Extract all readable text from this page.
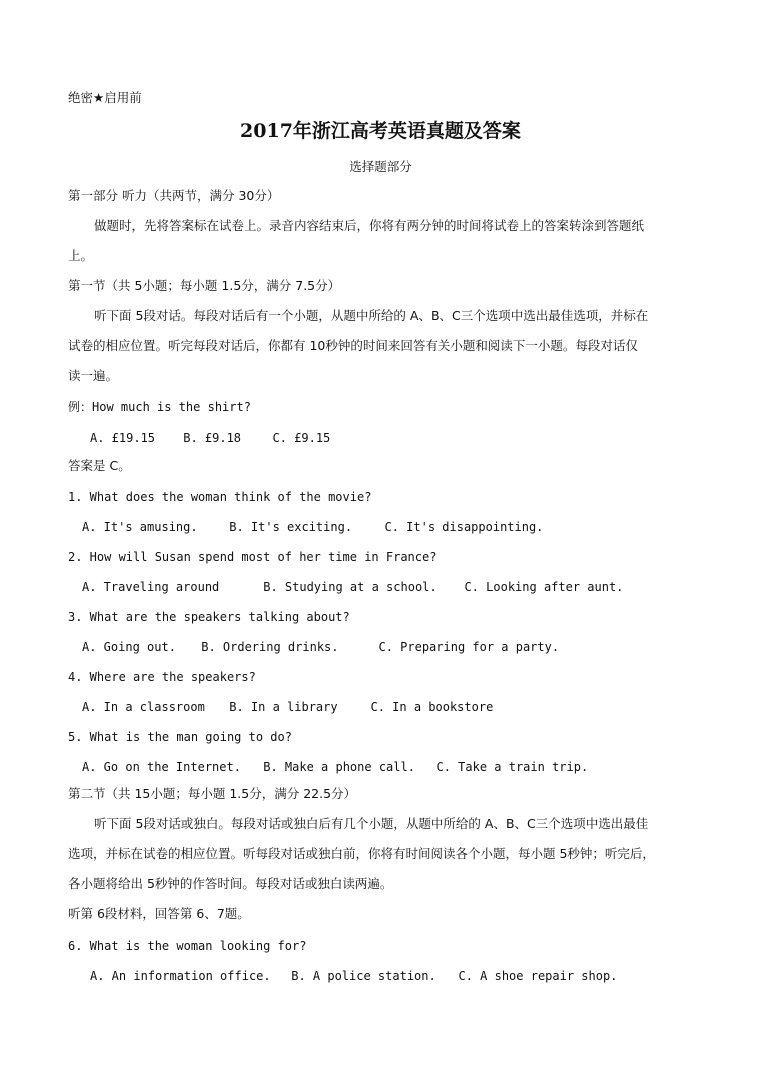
绝密★启用前
2017年浙江高考英语真题及答案
选择题部分
第一部分 听力（共两节，满分 30分）
做题时，先将答案标在试卷上。录音内容结束后，你将有两分钟的时间将试卷上的答案转涂到答题纸
上。
第一节（共 5小题；每小题 1.5分，满分 7.5分）
听下面 5段对话。每段对话后有一个小题，从题中所给的 A、B、C三个选项中选出最佳选项，并标在
试卷的相应位置。听完每段对话后，你都有 10秒钟的时间来回答有关小题和阅读下一小题。每段对话仅
读一遍。
例：How much is the shirt?
A. £19.15 B. £9.18	C. £9.15
答案是 C。
1. What does the woman think of the movie?
A. It's amusing.	B. It's exciting.	C. It's disappointing.
2. How will Susan spend most of her time in France?
A. Traveling around	B. Studying at a school. C. Looking after aunt.
3. What are the speakers talking about?
A. Going out. B. Ordering drinks.	C. Preparing for a party.
4. Where are the speakers?
A. In a classroom B. In a library	C. In a bookstore
5. What is the man going to do?
A. Go on the Internet. B. Make a phone call. C. Take a train trip.
第二节（共 15小题；每小题 1.5分，满分 22.5分）
听下面 5段对话或独白。每段对话或独白后有几个小题，从题中所给的 A、B、C三个选项中选出最佳
选项，并标在试卷的相应位置。听每段对话或独白前，你将有时间阅读各个小题，每小题 5秒钟；听完后，
各小题将给出 5秒钟的作答时间。每段对话或独白读两遍。
听第 6段材料，回答第 6、7题。
6. What is the woman looking for?
A. An information office. B. A police station. C. A shoe repair shop.
